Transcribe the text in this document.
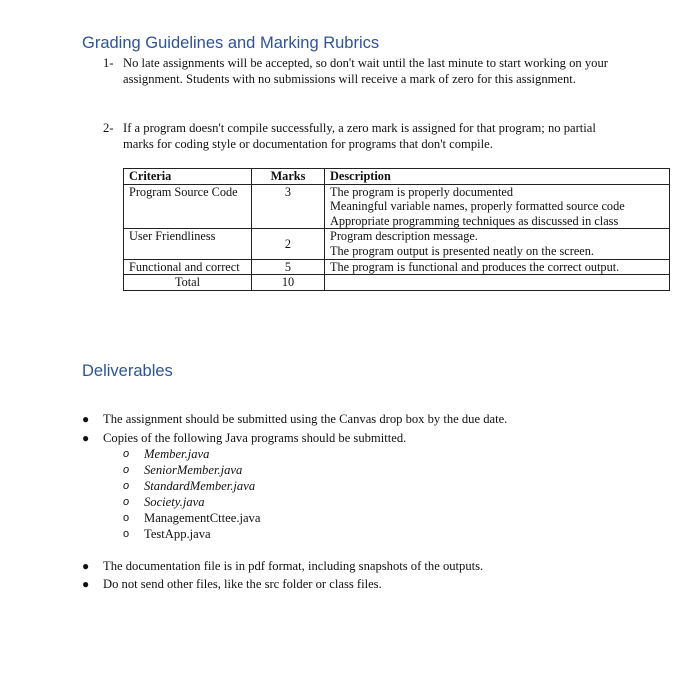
Grading Guidelines and Marking Rubrics
1- No late assignments will be accepted, so don't wait until the last minute to start working on your assignment. Students with no submissions will receive a mark of zero for this assignment.
2- If a program doesn't compile successfully, a zero mark is assigned for that program; no partial marks for coding style or documentation for programs that don't compile.
Criteria	Marks	Description
Program Source Code	3	The program is properly documented
Meaningful variable names, properly formatted source code
Appropriate programming techniques as discussed in class

User Friendliness	2	Program description message.
The program output is presented neatly on the screen.

Functional and correct	5	The program is functional and produces the correct output.

Total	10	
Deliverables
● The assignment should be submitted using the Canvas drop box by the due date.
● Copies of the following Java programs should be submitted.
o Member.java
o SeniorMember.java
o StandardMember.java
o Society.java
o ManagementCttee.java
o TestApp.java
● The documentation file is in pdf format, including snapshots of the outputs.
● Do not send other files, like the src folder or class files.
